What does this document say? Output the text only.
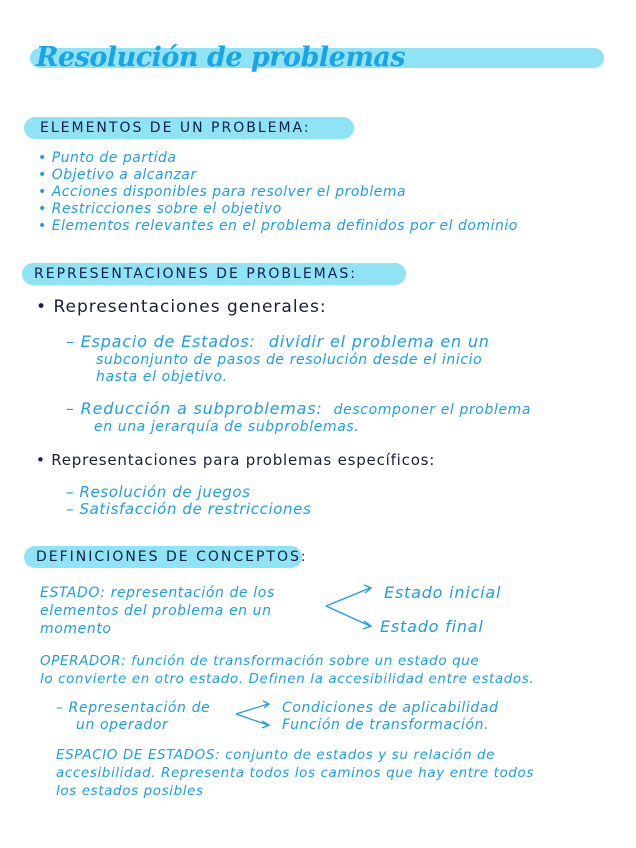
Resolución de problemas
ELEMENTOS DE UN PROBLEMA:
• Punto de partida
• Objetivo a alcanzar
• Acciones disponibles para resolver el problema
• Restricciones sobre el objetivo
• Elementos relevantes en el problema definidos por el dominio
REPRESENTACIONES DE PROBLEMAS:
• Representaciones generales:
– Espacio de Estados: dividir el problema en un
subconjunto de pasos de resolución desde el inicio
hasta el objetivo.
– Reducción a subproblemas: descomponer el problema
en una jerarquía de subproblemas.
• Representaciones para problemas específicos:
– Resolución de juegos
– Satisfacción de restricciones
DEFINICIONES DE CONCEPTOS:
ESTADO: representación de los
elementos del problema en un
momento
Estado inicial
Estado final
OPERADOR: función de transformación sobre un estado que
lo convierte en otro estado. Definen la accesibilidad entre estados.
– Representación de
un operador
Condiciones de aplicabilidad
Función de transformación.
ESPACIO DE ESTADOS: conjunto de estados y su relación de
accesibilidad. Representa todos los caminos que hay entre todos
los estados posibles
